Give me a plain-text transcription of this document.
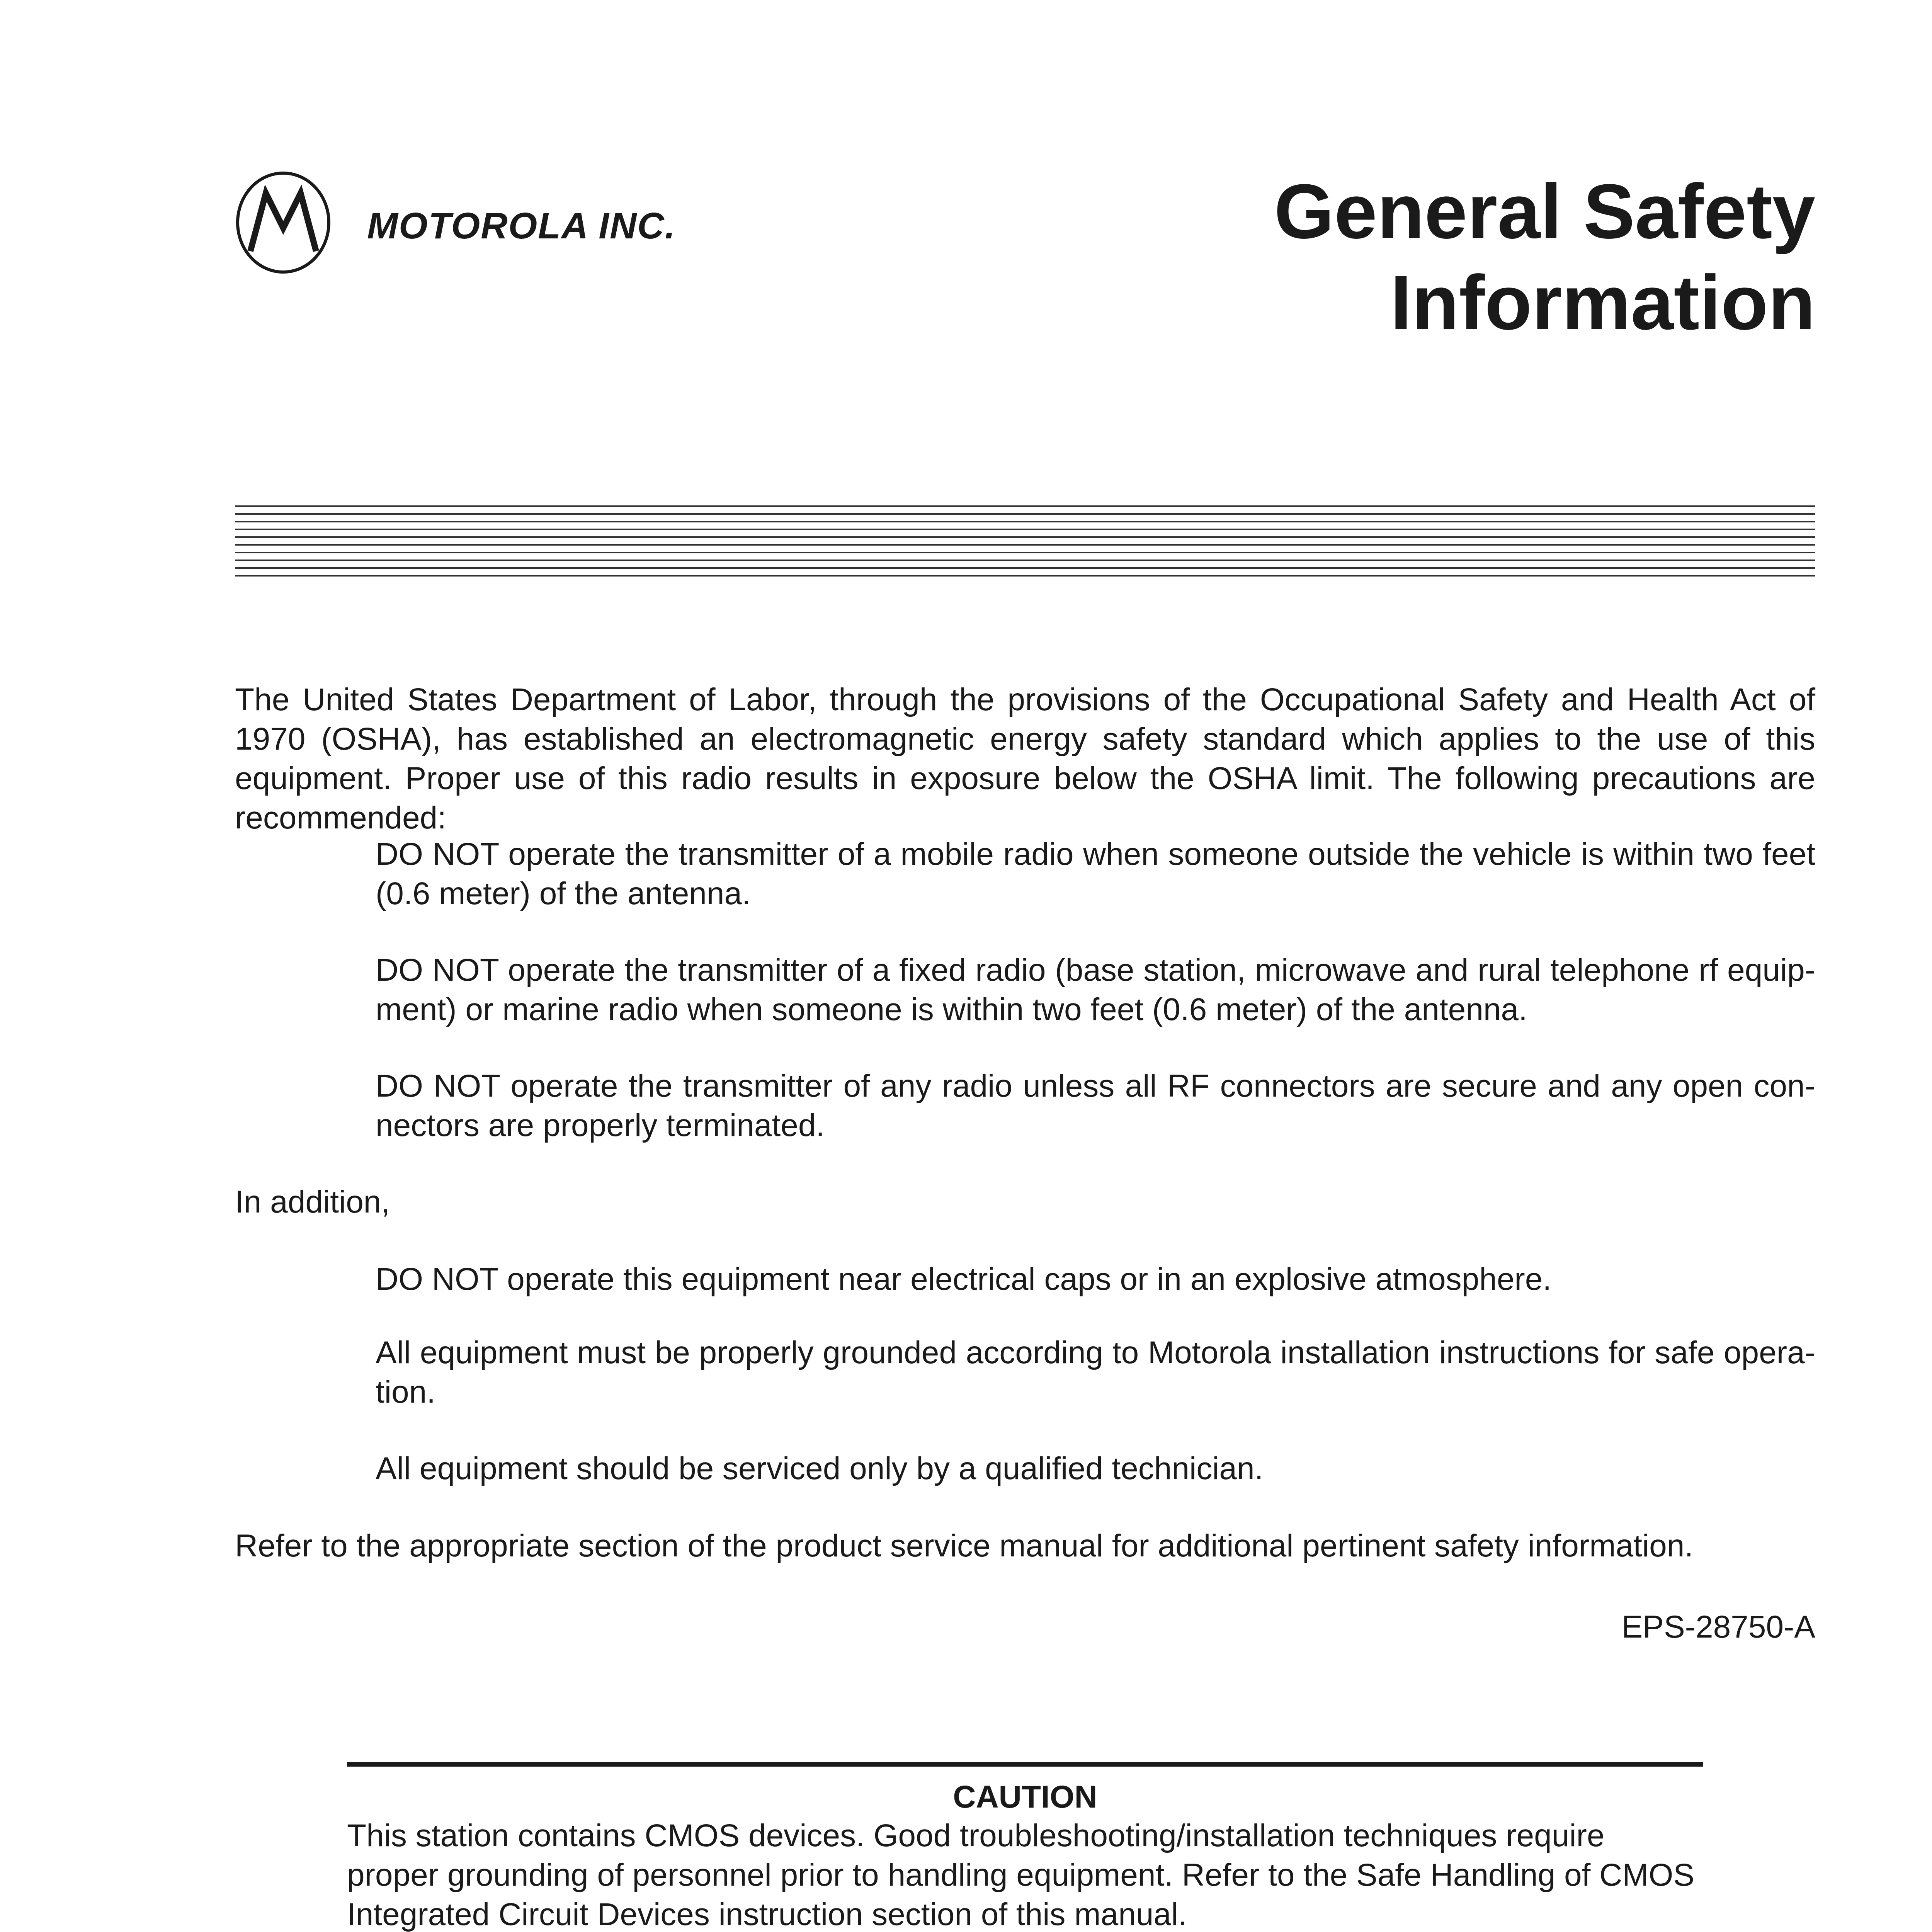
MOTOROLA INC.	General Safety
Information
The United States Department of Labor, through the provisions of the Occupational Safety and Health Act of 1970 (OSHA), has established an electromagnetic energy safety standard which applies to the use of this equipment. Proper use of this radio results in exposure below the OSHA limit. The following precautions are recommended:
DO NOT operate the transmitter of a mobile radio when someone outside the vehicle is within two feet (0.6 meter) of the antenna.
DO NOT operate the transmitter of a fixed radio (base station, microwave and rural telephone rf equip-ment) or marine radio when someone is within two feet (0.6 meter) of the antenna.
DO NOT operate the transmitter of any radio unless all RF connectors are secure and any open con-nectors are properly terminated.
In addition,
DO NOT operate this equipment near electrical caps or in an explosive atmosphere.
All equipment must be properly grounded according to Motorola installation instructions for safe opera-tion.
All equipment should be serviced only by a qualified technician.
Refer to the appropriate section of the product service manual for additional pertinent safety information.
EPS-28750-A
CAUTION
This station contains CMOS devices. Good troubleshooting/installation techniques require proper grounding of personnel prior to handling equipment. Refer to the Safe Handling of CMOS Integrated Circuit Devices instruction section of this manual.
